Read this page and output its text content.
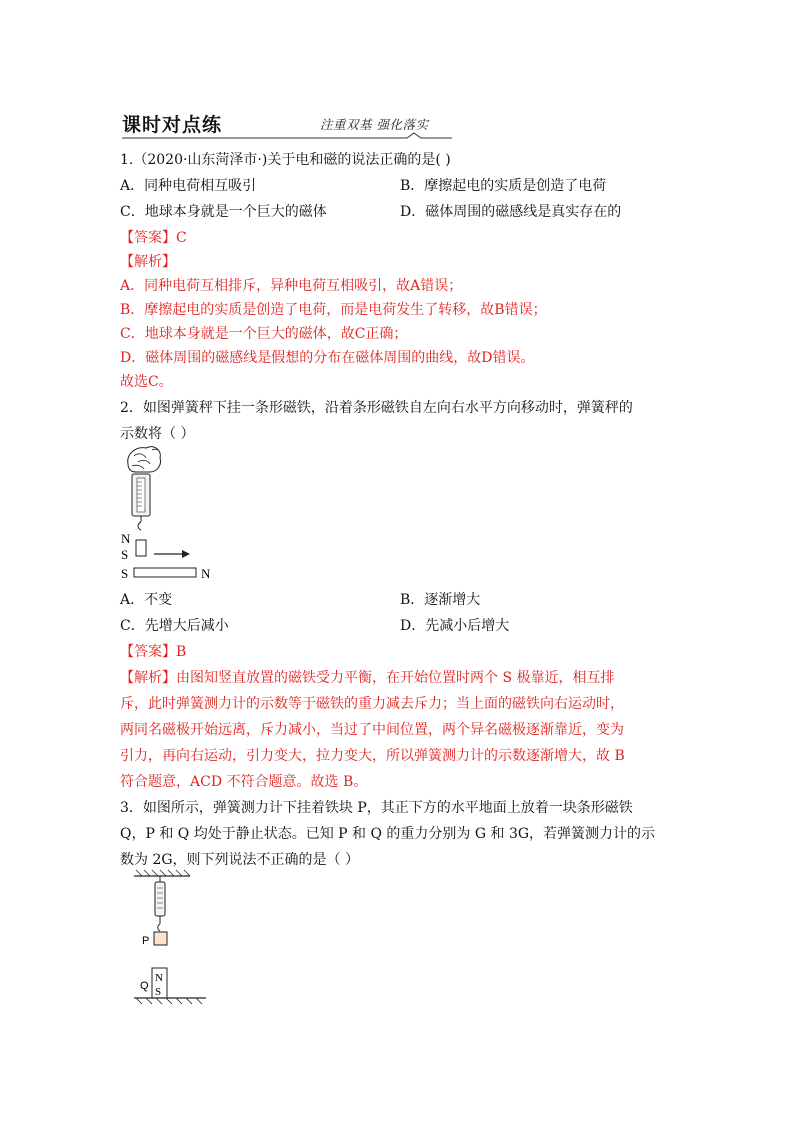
课时对点练	注重双基 强化落实
1.（2020·山东菏泽市·)关于电和磁的说法正确的是( )
A．同种电荷相互吸引	B．摩擦起电的实质是创造了电荷
C．地球本身就是一个巨大的磁体	D．磁体周围的磁感线是真实存在的
【答案】C
【解析】
A．同种电荷互相排斥，异种电荷互相吸引，故A错误；
B．摩擦起电的实质是创造了电荷，而是电荷发生了转移，故B错误；
C．地球本身就是一个巨大的磁体，故C正确；
D．磁体周围的磁感线是假想的分布在磁体周围的曲线，故D错误。
故选C。
2．如图弹簧秤下挂一条形磁铁，沿着条形磁铁自左向右水平方向移动时，弹簧秤的
示数将（ ）
N
S
S	N
A．不变	B．逐渐增大
C．先增大后减小	D．先减小后增大
【答案】B
【解析】由图知竖直放置的磁铁受力平衡，在开始位置时两个 S 极靠近，相互排
斥，此时弹簧测力计的示数等于磁铁的重力减去斥力；当上面的磁铁向右运动时，
两同名磁极开始远离，斥力减小，当过了中间位置，两个异名磁极逐渐靠近，变为
引力，再向右运动，引力变大，拉力变大，所以弹簧测力计的示数逐渐增大，故 B
符合题意，ACD 不符合题意。故选 B。
3．如图所示，弹簧测力计下挂着铁块 P，其正下方的水平地面上放着一块条形磁铁
Q，P 和 Q 均处于静止状态。已知 P 和 Q 的重力分别为 G 和 3G，若弹簧测力计的示
数为 2G，则下列说法不正确的是（ ）
P
N
S
Q
